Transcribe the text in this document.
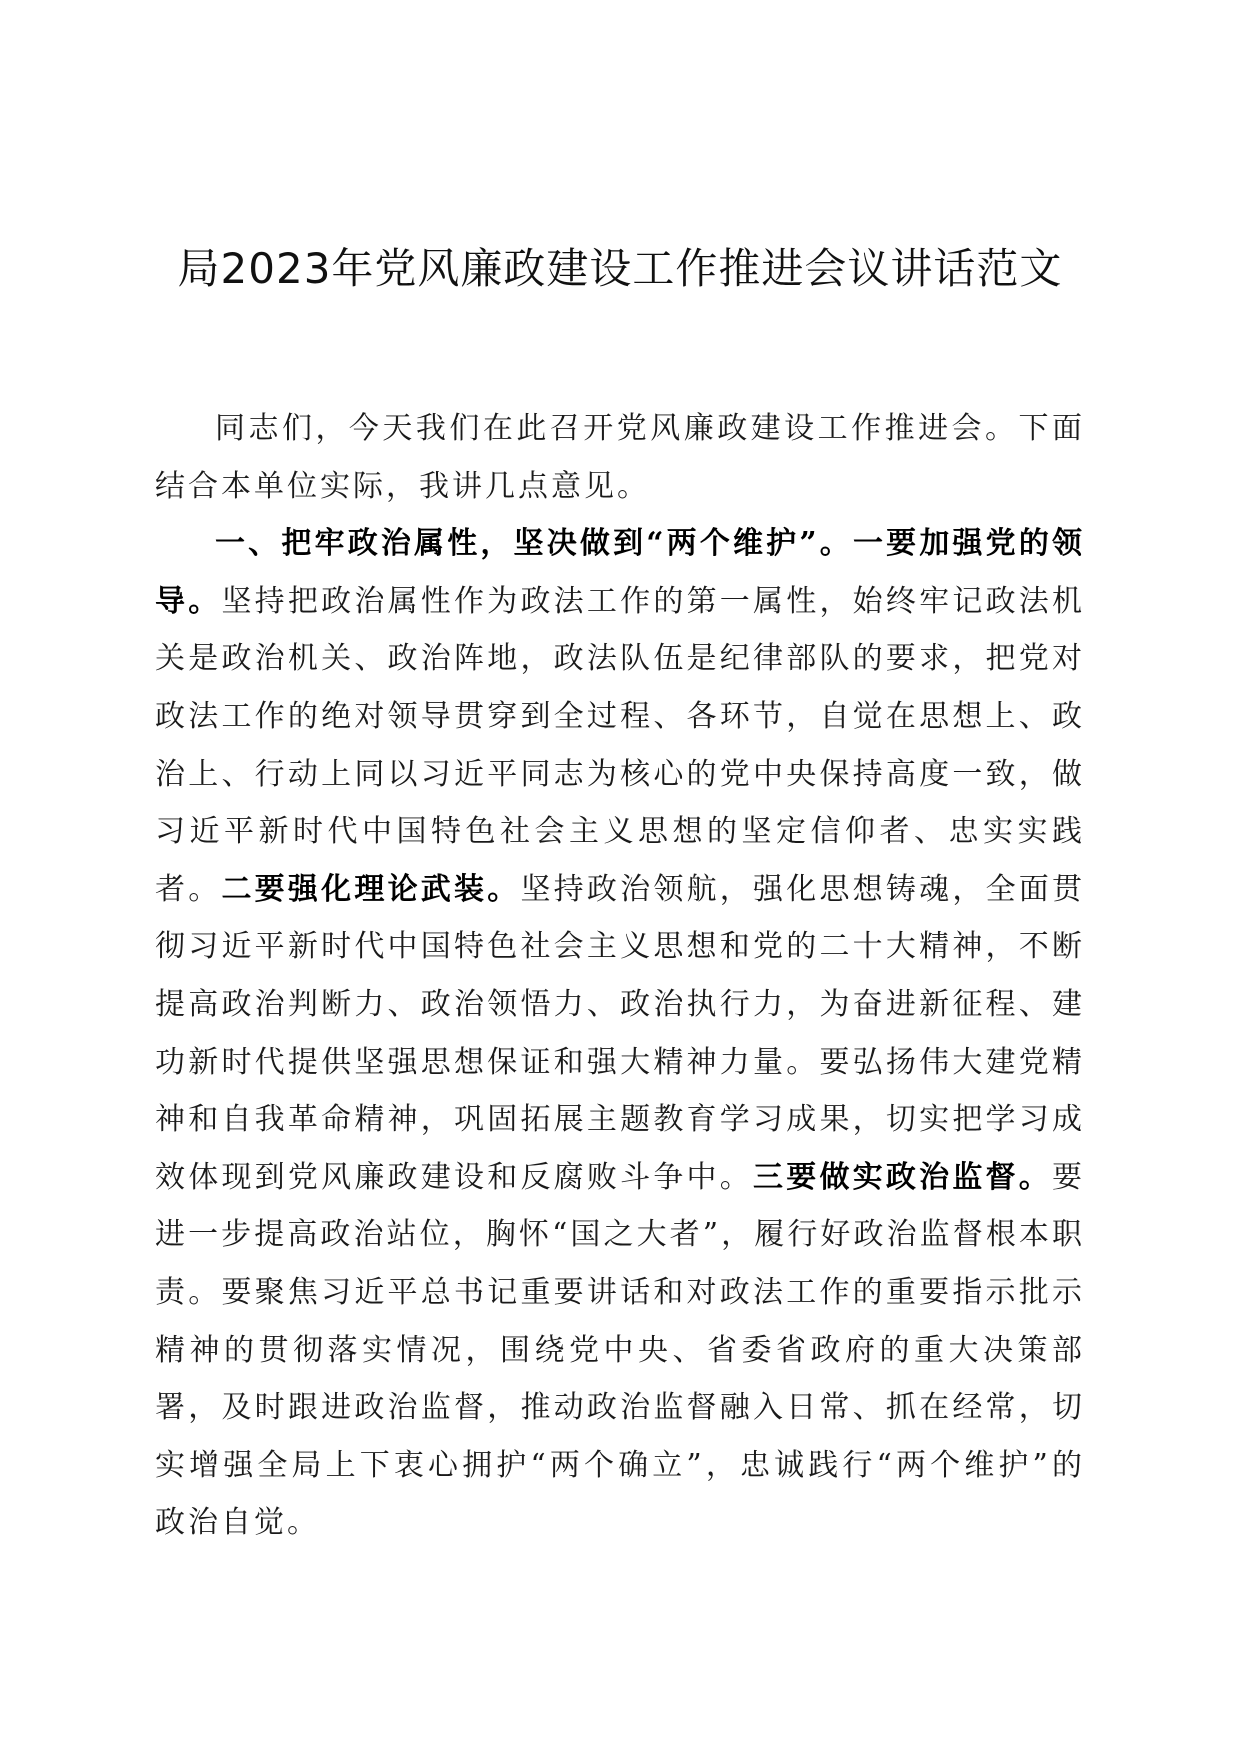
局2023年党风廉政建设工作推进会议讲话范文

同志们，今天我们在此召开党风廉政建设工作推进会。下面结合本单位实际，我讲几点意见。

一、把牢政治属性，坚决做到“两个维护”。一要加强党的领导。坚持把政治属性作为政法工作的第一属性，始终牢记政法机关是政治机关、政治阵地，政法队伍是纪律部队的要求，把党对政法工作的绝对领导贯穿到全过程、各环节，自觉在思想上、政治上、行动上同以习近平同志为核心的党中央保持高度一致，做习近平新时代中国特色社会主义思想的坚定信仰者、忠实实践者。二要强化理论武装。坚持政治领航，强化思想铸魂，全面贯彻习近平新时代中国特色社会主义思想和党的二十大精神，不断提高政治判断力、政治领悟力、政治执行力，为奋进新征程、建功新时代提供坚强思想保证和强大精神力量。要弘扬伟大建党精神和自我革命精神，巩固拓展主题教育学习成果，切实把学习成效体现到党风廉政建设和反腐败斗争中。三要做实政治监督。要进一步提高政治站位，胸怀“国之大者”，履行好政治监督根本职责。要聚焦习近平总书记重要讲话和对政法工作的重要指示批示精神的贯彻落实情况，围绕党中央、省委省政府的重大决策部署，及时跟进政治监督，推动政治监督融入日常、抓在经常，切实增强全局上下衷心拥护“两个确立”，忠诚践行“两个维护”的政治自觉。
